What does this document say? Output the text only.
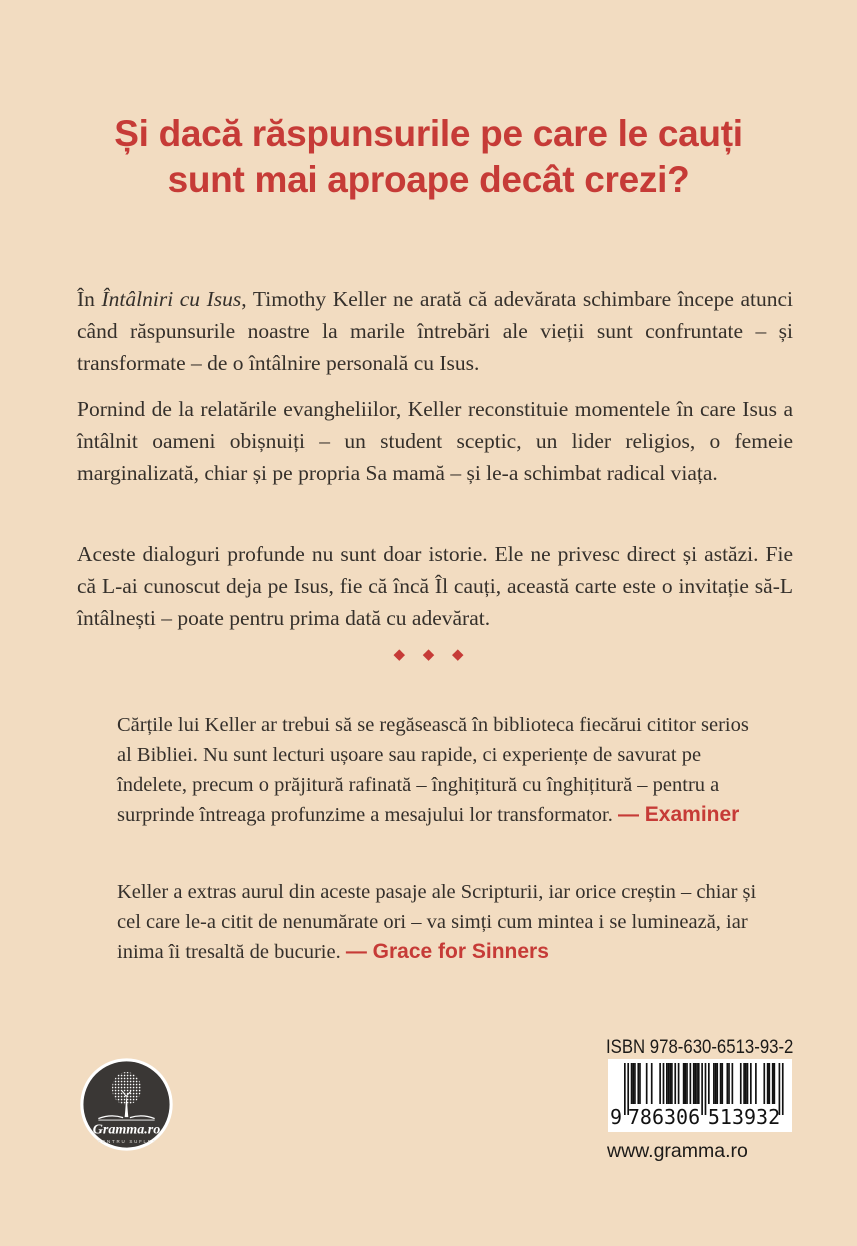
Și dacă răspunsurile pe care le cauți
sunt mai aproape decât crezi?

În Întâlniri cu Isus, Timothy Keller ne arată că adevărata schimbare începe atunci când răspunsurile noastre la marile întrebări ale vieții sunt confruntate – și transformate – de o întâlnire personală cu Isus.

Pornind de la relatările evangheliilor, Keller reconstituie momentele în care Isus a întâlnit oameni obișnuiți – un student sceptic, un lider religios, o femeie marginalizată, chiar și pe propria Sa mamă – și le-a schimbat radical viața.

Aceste dialoguri profunde nu sunt doar istorie. Ele ne privesc direct și astăzi. Fie că L-ai cunoscut deja pe Isus, fie că încă Îl cauți, această carte este o invitație să-L întâlnești – poate pentru prima dată cu adevărat.

◆ ◆ ◆

Cărțile lui Keller ar trebui să se regăsească în biblioteca fiecărui cititor serios al Bibliei. Nu sunt lecturi ușoare sau rapide, ci experiențe de savurat pe îndelete, precum o prăjitură rafinată – înghițitură cu înghițitură – pentru a surprinde întreaga profunzime a mesajului lor transformator. — Examiner

Keller a extras aurul din aceste pasaje ale Scripturii, iar orice creștin – chiar și cel care le-a citit de nenumărate ori – va simți cum mintea i se luminează, iar inima îi tresaltă de bucurie. — Grace for Sinners

Gramma.ro
PENTRU SUFLET
ISBN 978-630-6513-93-2
9 786306 513932
www.gramma.ro
